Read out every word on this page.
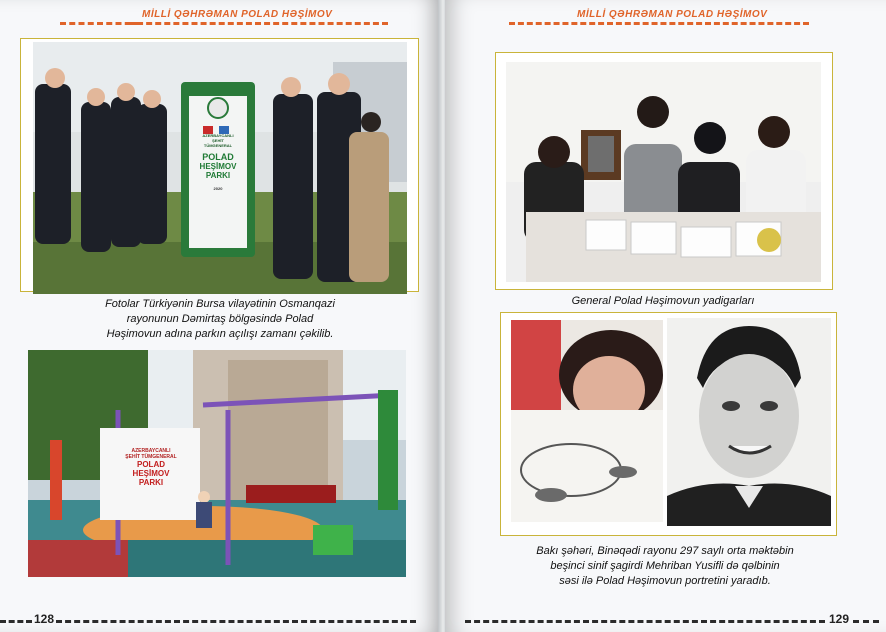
MİLLİ QƏHRƏMAN POLAD HƏŞİMOV
AZERBAYCANLI
ŞEHİT
TÜMGENERAL
POLAD
HEŞİMOV
PARKI
2020
Fotolar Türkiyənin Bursa vilayətinin Osmanqazi
rayonunun Dəmirtaş bölgəsində Polad
Həşimovun adına parkın açılışı zamanı çəkilib.
AZERBAYCANLI
ŞEHİT TÜMGENERAL
POLAD
HEŞİMOV
PARKI
128
MİLLİ QƏHRƏMAN POLAD HƏŞİMOV
General Polad Həşimovun yadigarları
Bakı şəhəri, Binəqədi rayonu 297 saylı orta məktəbin
beşinci sinif şagirdi Mehriban Yusifli də qəlbinin
səsi ilə Polad Həşimovun portretini yaradıb.
129
